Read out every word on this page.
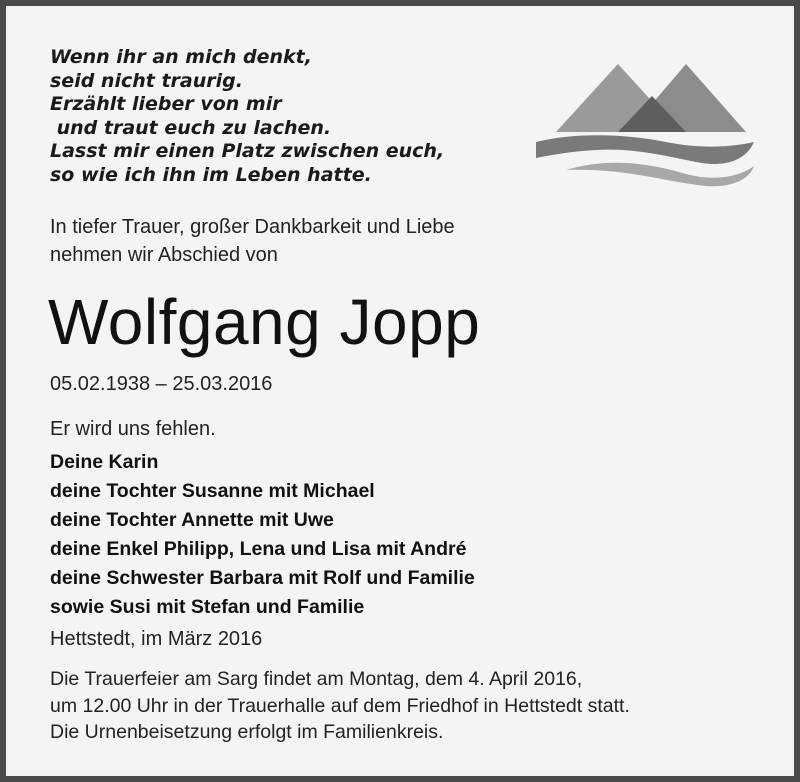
Wenn ihr an mich denkt,
seid nicht traurig.
Erzählt lieber von mir
und traut euch zu lachen.
Lasst mir einen Platz zwischen euch,
so wie ich ihn im Leben hatte.
In tiefer Trauer, großer Dankbarkeit und Liebe
nehmen wir Abschied von
Wolfgang Jopp
05.02.1938 – 25.03.2016
Er wird uns fehlen.
Deine Karin
deine Tochter Susanne mit Michael
deine Tochter Annette mit Uwe
deine Enkel Philipp, Lena und Lisa mit André
deine Schwester Barbara mit Rolf und Familie
sowie Susi mit Stefan und Familie
Hettstedt, im März 2016
Die Trauerfeier am Sarg findet am Montag, dem 4. April 2016,
um 12.00 Uhr in der Trauerhalle auf dem Friedhof in Hettstedt statt.
Die Urnenbeisetzung erfolgt im Familienkreis.
